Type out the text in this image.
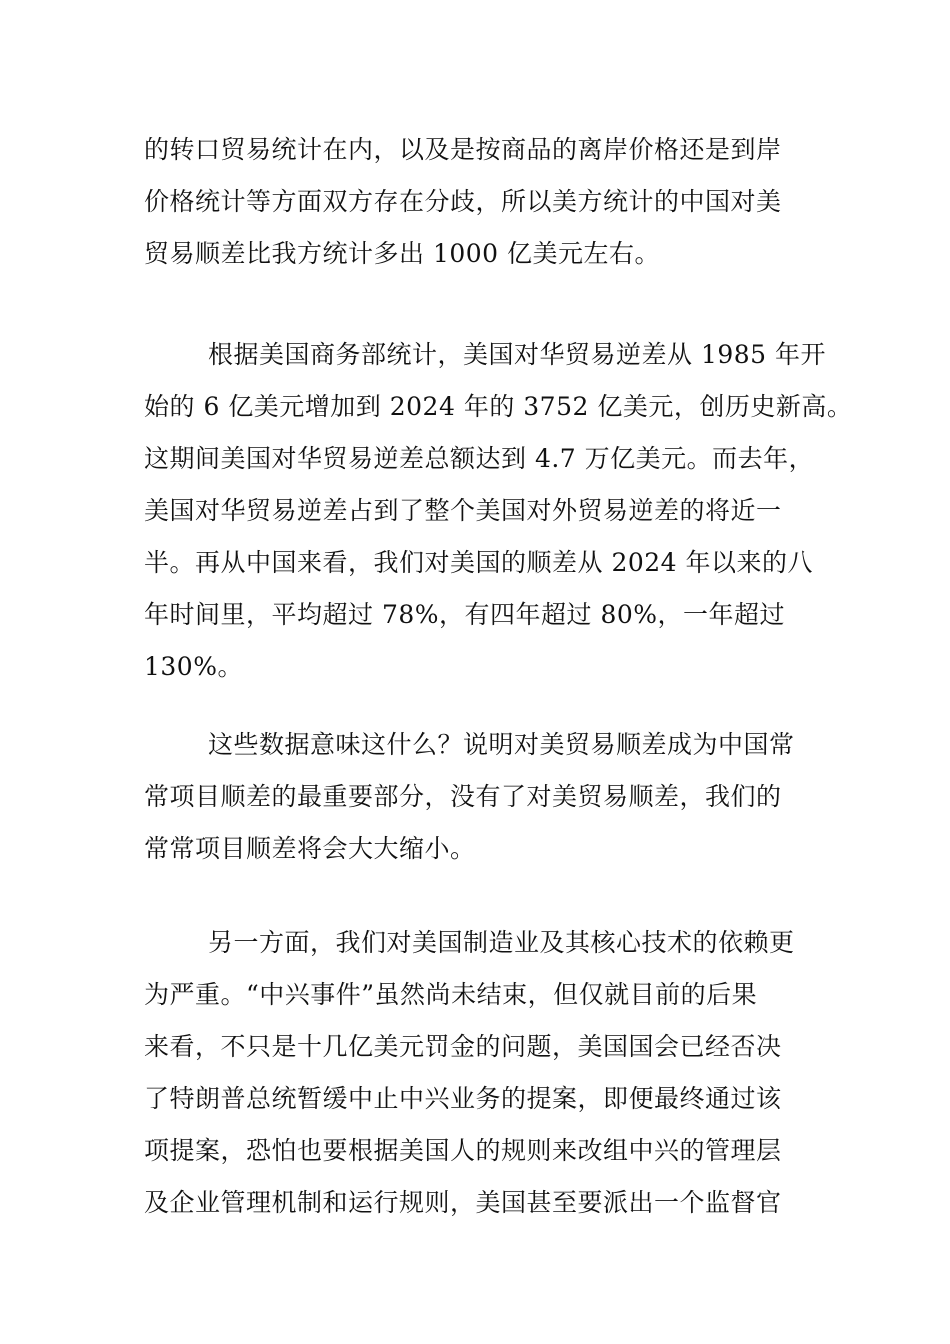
的转口贸易统计在内，以及是按商品的离岸价格还是到岸
价格统计等方面双方存在分歧，所以美方统计的中国对美
贸易顺差比我方统计多出 1000 亿美元左右。
根据美国商务部统计，美国对华贸易逆差从 1985 年开
始的 6 亿美元增加到 2024 年的 3752 亿美元，创历史新高。
这期间美国对华贸易逆差总额达到 4.7 万亿美元。而去年，
美国对华贸易逆差占到了整个美国对外贸易逆差的将近一
半。再从中国来看，我们对美国的顺差从 2024 年以来的八
年时间里，平均超过 78%，有四年超过 80%，一年超过
130%。
这些数据意味这什么？说明对美贸易顺差成为中国常
常项目顺差的最重要部分，没有了对美贸易顺差，我们的
常常项目顺差将会大大缩小。
另一方面，我们对美国制造业及其核心技术的依赖更
为严重。“中兴事件”虽然尚未结束，但仅就目前的后果
来看，不只是十几亿美元罚金的问题，美国国会已经否决
了特朗普总统暂缓中止中兴业务的提案，即便最终通过该
项提案，恐怕也要根据美国人的规则来改组中兴的管理层
及企业管理机制和运行规则，美国甚至要派出一个监督官
